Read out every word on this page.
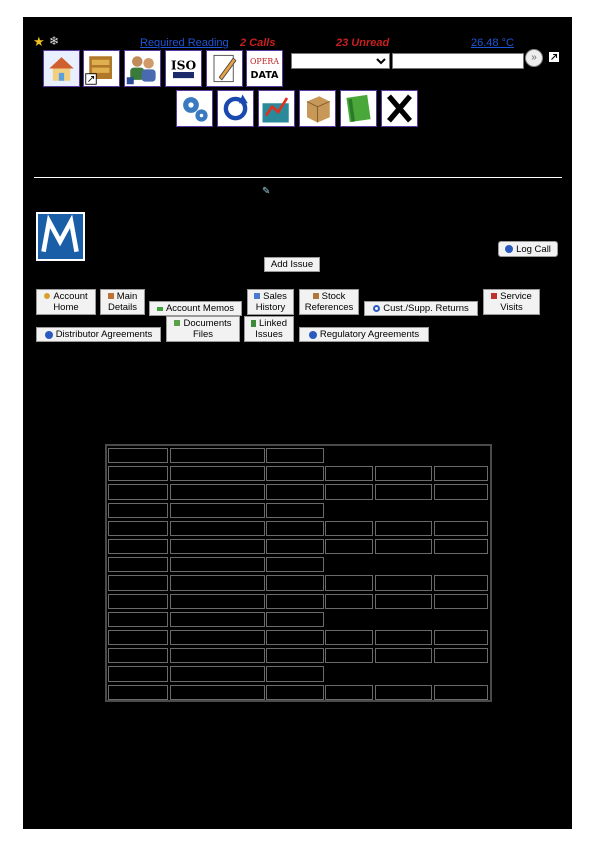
★ ❄	Required Reading 2 Calls	23 Unread	26.48 °C
ISO	OPERA
DATA
»
✎
Log Call
Add Issue
Account
Home
Main
Details	Account Memos
Sales
History
Stock
References	Cust./Supp. Returns
Service
Visits
Distributor Agreements
Documents
Files
Linked
Issues	Regulatory Agreements
